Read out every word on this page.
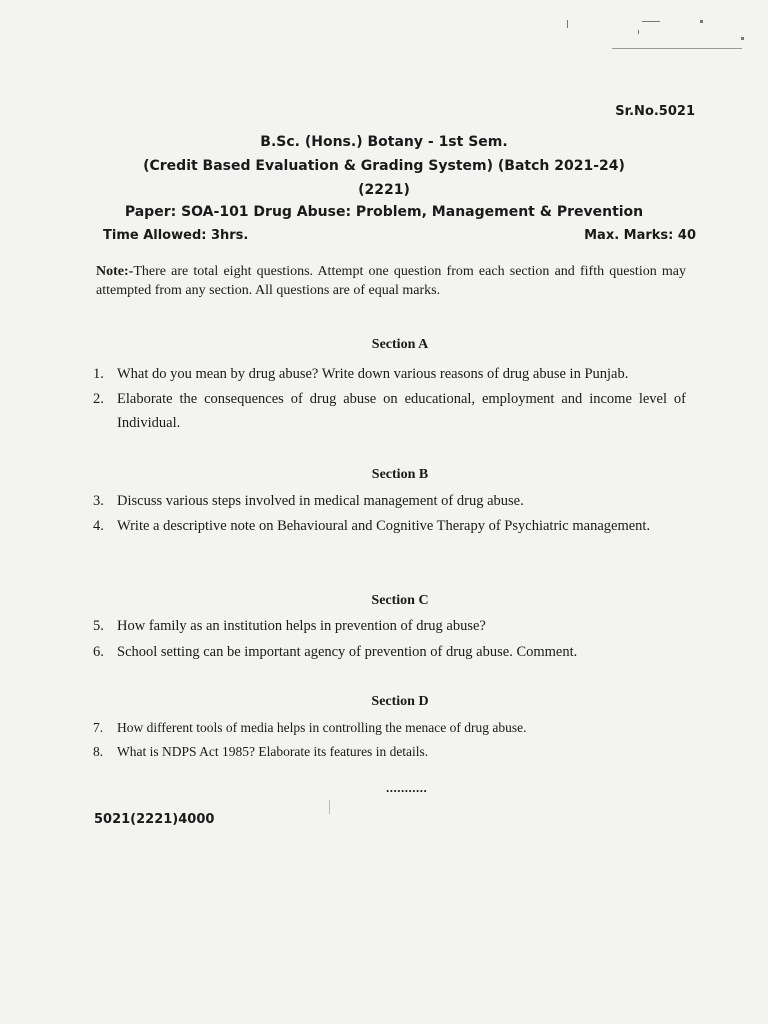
Sr.No.5021
B.Sc. (Hons.) Botany - 1st Sem.
(Credit Based Evaluation & Grading System) (Batch 2021-24)
(2221)
Paper: SOA-101 Drug Abuse: Problem, Management & Prevention
Time Allowed: 3hrs.	Max. Marks: 40
Note:-There are total eight questions. Attempt one question from each section and fifth question may attempted from any section. All questions are of equal marks.
Section A
1. What do you mean by drug abuse? Write down various reasons of drug abuse in Punjab.
2. Elaborate the consequences of drug abuse on educational, employment and income level of Individual.
Section B
3. Discuss various steps involved in medical management of drug abuse.
4. Write a descriptive note on Behavioural and Cognitive Therapy of Psychiatric management.
Section C
5. How family as an institution helps in prevention of drug abuse?
6. School setting can be important agency of prevention of drug abuse. Comment.
Section D
7.	How different tools of media helps in controlling the menace of drug abuse.
8.	What is NDPS Act 1985? Elaborate its features in details.
...........
5021(2221)4000
